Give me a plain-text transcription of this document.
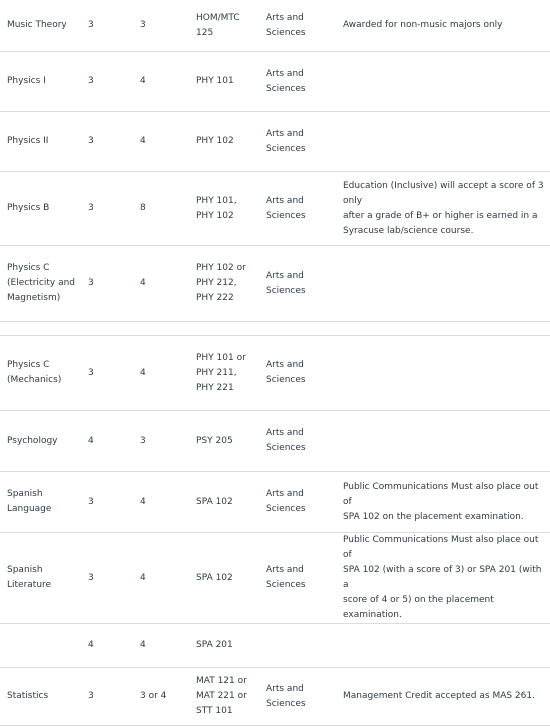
Music Theory	3	3	HOM/MTC
125	Arts and
Sciences	Awarded for non-music majors only

Physics I	3	4	PHY 101	Arts and
Sciences	

Physics II	3	4	PHY 102	Arts and
Sciences	

Physics B	3	8	PHY 101,
PHY 102	Arts and
Sciences	Education (Inclusive) will accept a score of 3 only
after a grade of B+ or higher is earned in a
Syracuse lab/science course.

Physics C
(Electricity and
Magnetism)	3	4	PHY 102 or
PHY 212,
PHY 222	Arts and
Sciences	

Physics C
(Mechanics)	3	4	PHY 101 or
PHY 211,
PHY 221	Arts and
Sciences	

Psychology	4	3	PSY 205	Arts and
Sciences	

Spanish
Language	3	4	SPA 102	Arts and
Sciences	Public Communications Must also place out of
SPA 102 on the placement examination.

Spanish
Literature	3	4	SPA 102	Arts and
Sciences	Public Communications Must also place out of
SPA 102 (with a score of 3) or SPA 201 (with a
score of 4 or 5) on the placement examination.

	4	4	SPA 201		

Statistics	3	3 or 4	MAT 121 or
MAT 221 or
STT 101	Arts and
Sciences	Management Credit accepted as MAS 261.
